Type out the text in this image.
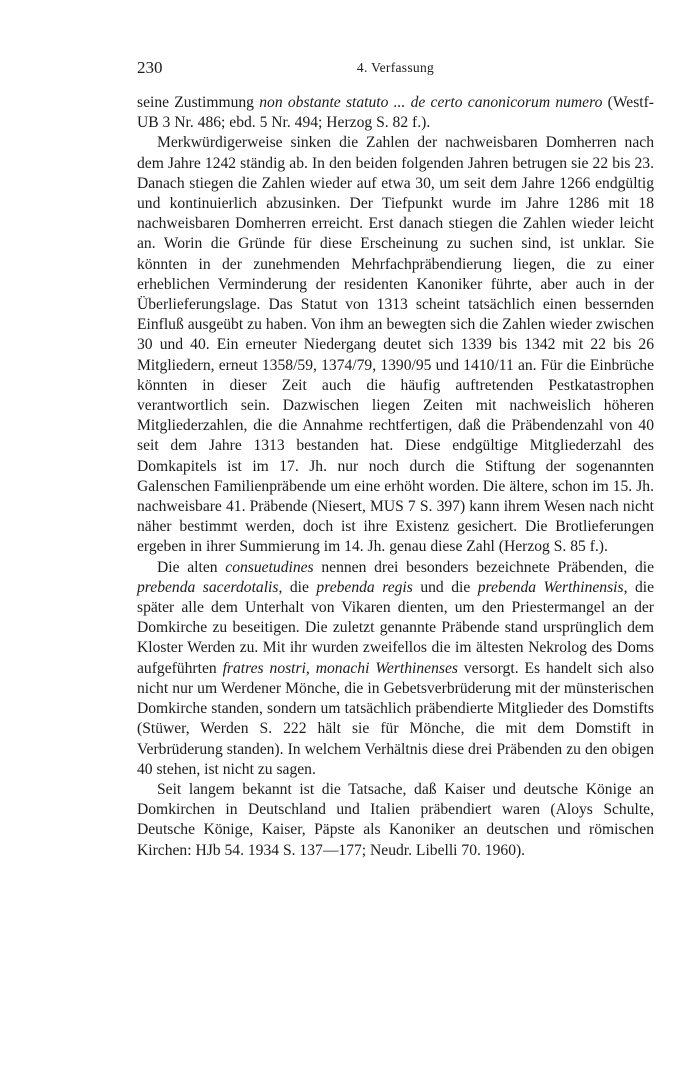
230	4. Verfassung

seine Zustimmung non obstante statuto ... de certo canonicorum numero (Westf-UB 3 Nr. 486; ebd. 5 Nr. 494; Herzog S. 82 f.).

Merkwürdigerweise sinken die Zahlen der nachweisbaren Domherren nach dem Jahre 1242 ständig ab. In den beiden folgenden Jahren betrugen sie 22 bis 23. Danach stiegen die Zahlen wieder auf etwa 30, um seit dem Jahre 1266 endgültig und kontinuierlich abzusinken. Der Tiefpunkt wurde im Jahre 1286 mit 18 nachweisbaren Domherren erreicht. Erst danach stiegen die Zahlen wieder leicht an. Worin die Gründe für diese Erscheinung zu suchen sind, ist unklar. Sie könnten in der zunehmenden Mehrfachpräbendierung liegen, die zu einer erheblichen Verminderung der residenten Kanoniker führte, aber auch in der Überlieferungslage. Das Statut von 1313 scheint tatsächlich einen bessernden Einfluß ausgeübt zu haben. Von ihm an bewegten sich die Zahlen wieder zwischen 30 und 40. Ein erneuter Niedergang deutet sich 1339 bis 1342 mit 22 bis 26 Mitgliedern, erneut 1358/59, 1374/79, 1390/95 und 1410/11 an. Für die Einbrüche könnten in dieser Zeit auch die häufig auftretenden Pestkatastrophen verantwortlich sein. Dazwischen liegen Zeiten mit nachweislich höheren Mitgliederzahlen, die die Annahme rechtfertigen, daß die Präbendenzahl von 40 seit dem Jahre 1313 bestanden hat. Diese endgültige Mitgliederzahl des Domkapitels ist im 17. Jh. nur noch durch die Stiftung der sogenannten Galenschen Familienpräbende um eine erhöht worden. Die ältere, schon im 15. Jh. nachweisbare 41. Präbende (Niesert, MUS 7 S. 397) kann ihrem Wesen nach nicht näher bestimmt werden, doch ist ihre Existenz gesichert. Die Brotlieferungen ergeben in ihrer Summierung im 14. Jh. genau diese Zahl (Herzog S. 85 f.).

Die alten consuetudines nennen drei besonders bezeichnete Präbenden, die prebenda sacerdotalis, die prebenda regis und die prebenda Werthinensis, die später alle dem Unterhalt von Vikaren dienten, um den Priestermangel an der Domkirche zu beseitigen. Die zuletzt genannte Präbende stand ursprünglich dem Kloster Werden zu. Mit ihr wurden zweifellos die im ältesten Nekrolog des Doms aufgeführten fratres nostri, monachi Werthinenses versorgt. Es handelt sich also nicht nur um Werdener Mönche, die in Gebetsverbrüderung mit der münsterischen Domkirche standen, sondern um tatsächlich präbendierte Mitglieder des Domstifts (Stüwer, Werden S. 222 hält sie für Mönche, die mit dem Domstift in Verbrüderung standen). In welchem Verhältnis diese drei Präbenden zu den obigen 40 stehen, ist nicht zu sagen.

Seit langem bekannt ist die Tatsache, daß Kaiser und deutsche Könige an Domkirchen in Deutschland und Italien präbendiert waren (Aloys Schulte, Deutsche Könige, Kaiser, Päpste als Kanoniker an deutschen und römischen Kirchen: HJb 54. 1934 S. 137—177; Neudr. Libelli 70. 1960).
